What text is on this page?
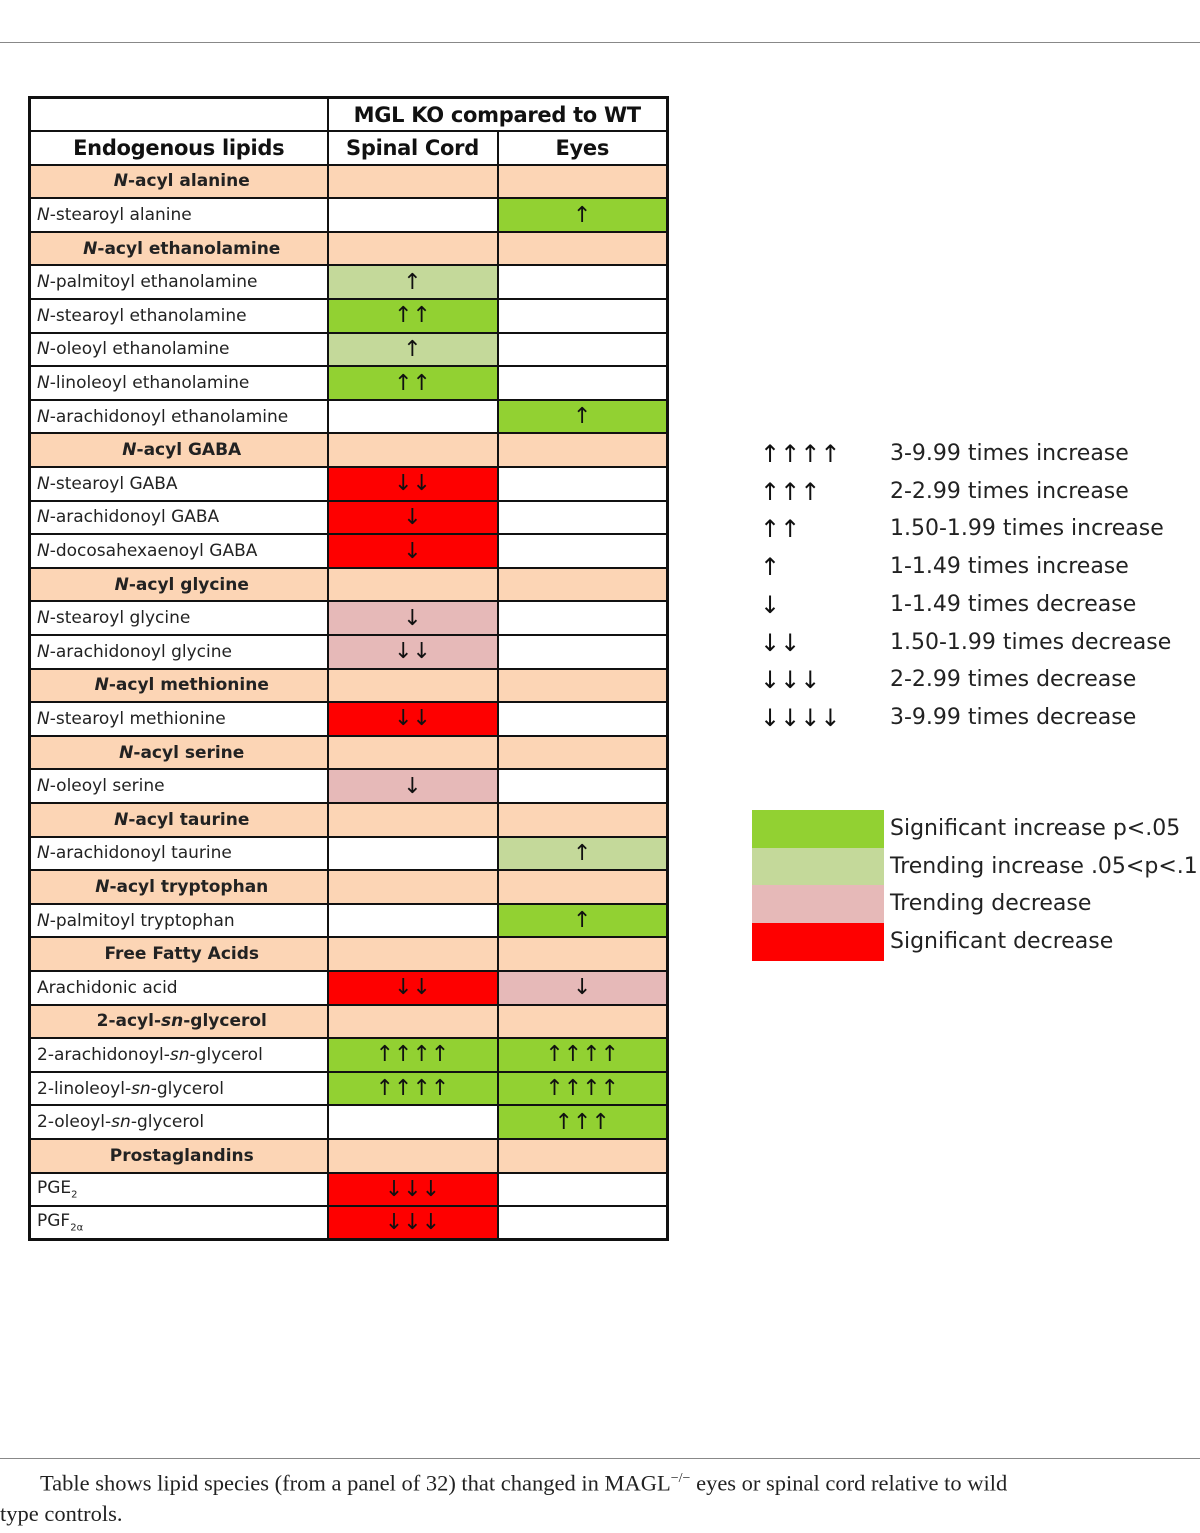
	MGL KO compared to WT	
Endogenous lipids	Spinal Cord	Eyes
N-acyl alanine		
N-stearoyl alanine		↑
N-acyl ethanolamine		
N-palmitoyl ethanolamine	↑	
N-stearoyl ethanolamine	↑↑	
N-oleoyl ethanolamine	↑	
N-linoleoyl ethanolamine	↑↑	
N-arachidonoyl ethanolamine		↑
N-acyl GABA		
N-stearoyl GABA	↓↓	
N-arachidonoyl GABA	↓	
N-docosahexaenoyl GABA	↓	
N-acyl glycine		
N-stearoyl glycine	↓	
N-arachidonoyl glycine	↓↓	
N-acyl methionine		
N-stearoyl methionine	↓↓	
N-acyl serine		
N-oleoyl serine	↓	
N-acyl taurine		
N-arachidonoyl taurine		↑
N-acyl tryptophan		
N-palmitoyl tryptophan		↑
Free Fatty Acids		
Arachidonic acid	↓↓	↓
2-acyl-sn-glycerol		
2-arachidonoyl-sn-glycerol	↑↑↑↑	↑↑↑↑
2-linoleoyl-sn-glycerol	↑↑↑↑	↑↑↑↑
2-oleoyl-sn-glycerol		↑↑↑
Prostaglandins		
$PGE_2$	↓↓↓	
$PGF_{2\alpha}$	↓↓↓	
↑↑↑↑	3-9.99 times increase
↑↑↑	2-2.99 times increase
↑↑	1.50-1.99 times increase
↑	1-1.49 times increase
↓	1-1.49 times decrease
↓↓	1.50-1.99 times decrease
↓↓↓	2-2.99 times decrease
↓↓↓↓	3-9.99 times decrease
Significant increase p<.05
Trending increase .05<p<.1
Trending decrease
Significant decrease
Table shows lipid species (from a panel of 32) that changed in MAGL−/− eyes or spinal cord relative to wild
type controls.
